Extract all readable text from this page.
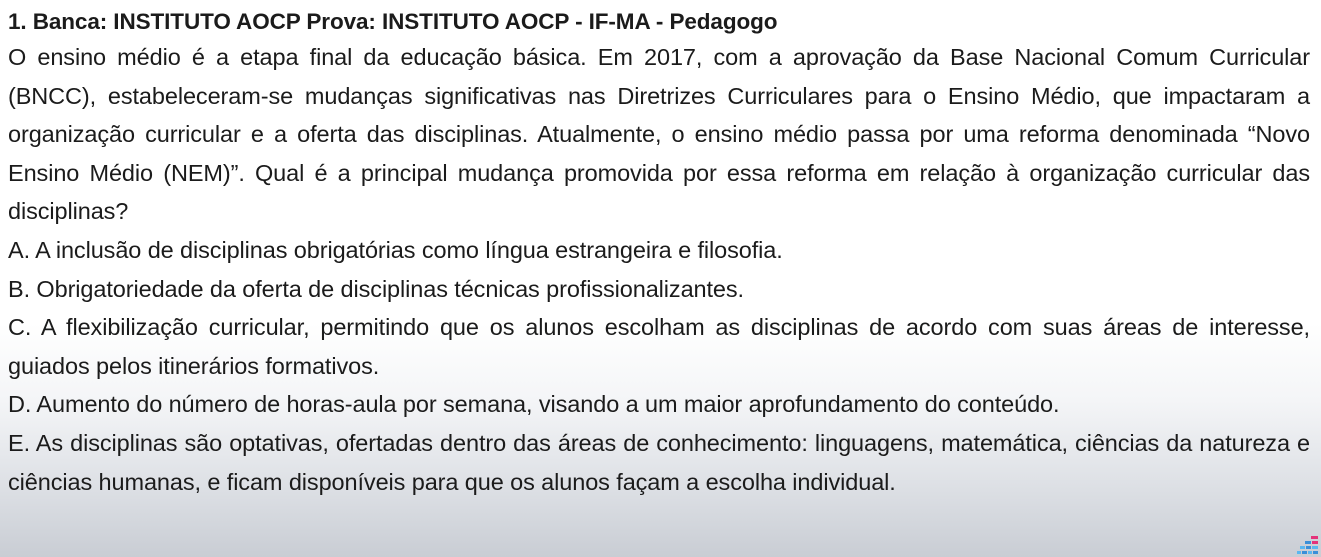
1. Banca: INSTITUTO AOCP Prova: INSTITUTO AOCP - IF-MA - Pedagogo

O ensino médio é a etapa final da educação básica. Em 2017, com a aprovação da Base Nacional Comum Curricular (BNCC), estabeleceram-se mudanças significativas nas Diretrizes Curriculares para o Ensino Médio, que impactaram a organização curricular e a oferta das disciplinas. Atualmente, o ensino médio passa por uma reforma denominada “Novo Ensino Médio (NEM)”. Qual é a principal mudança promovida por essa reforma em relação à organização curricular das disciplinas?

A. A inclusão de disciplinas obrigatórias como língua estrangeira e filosofia.
B. Obrigatoriedade da oferta de disciplinas técnicas profissionalizantes.
C. A flexibilização curricular, permitindo que os alunos escolham as disciplinas de acordo com suas áreas de interesse, guiados pelos itinerários formativos.
D. Aumento do número de horas-aula por semana, visando a um maior aprofundamento do conteúdo.
E. As disciplinas são optativas, ofertadas dentro das áreas de conhecimento: linguagens, matemática, ciências da natureza e ciências humanas, e ficam disponíveis para que os alunos façam a escolha individual.
